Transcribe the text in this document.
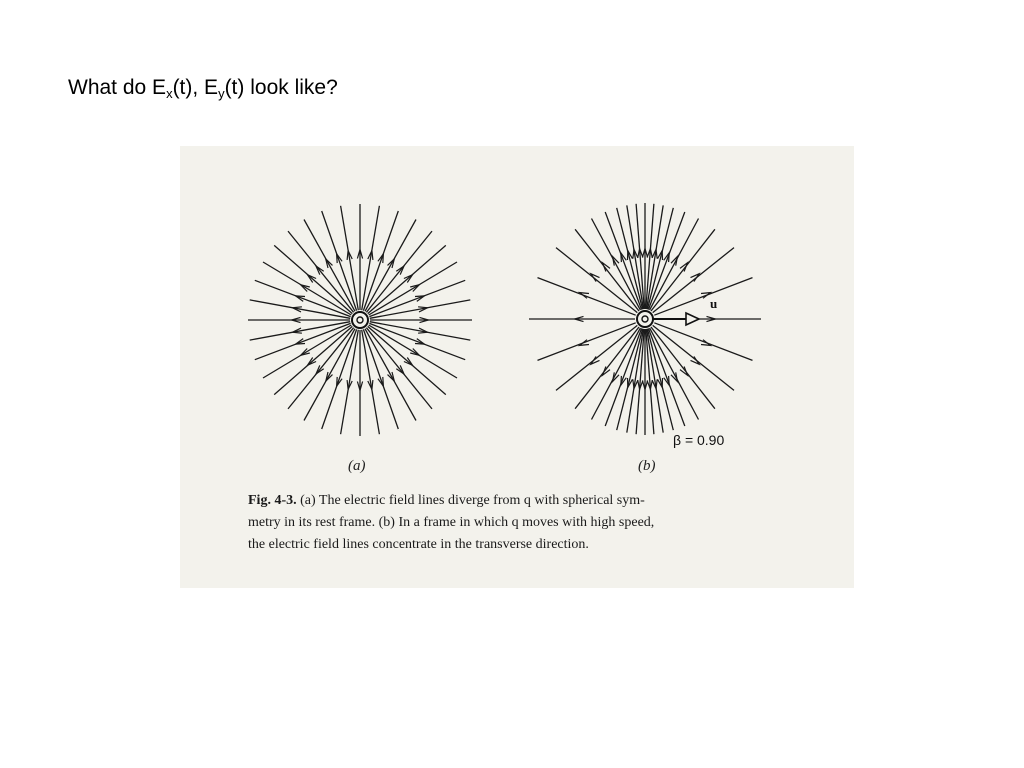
What do $E_x(t)$, $E_y(t)$ look like?
u
β = 0.90
(a)	(b)
Fig. 4-3. (a) The electric field lines diverge from q with spherical sym-
metry in its rest frame. (b) In a frame in which q moves with high speed,
the electric field lines concentrate in the transverse direction.
